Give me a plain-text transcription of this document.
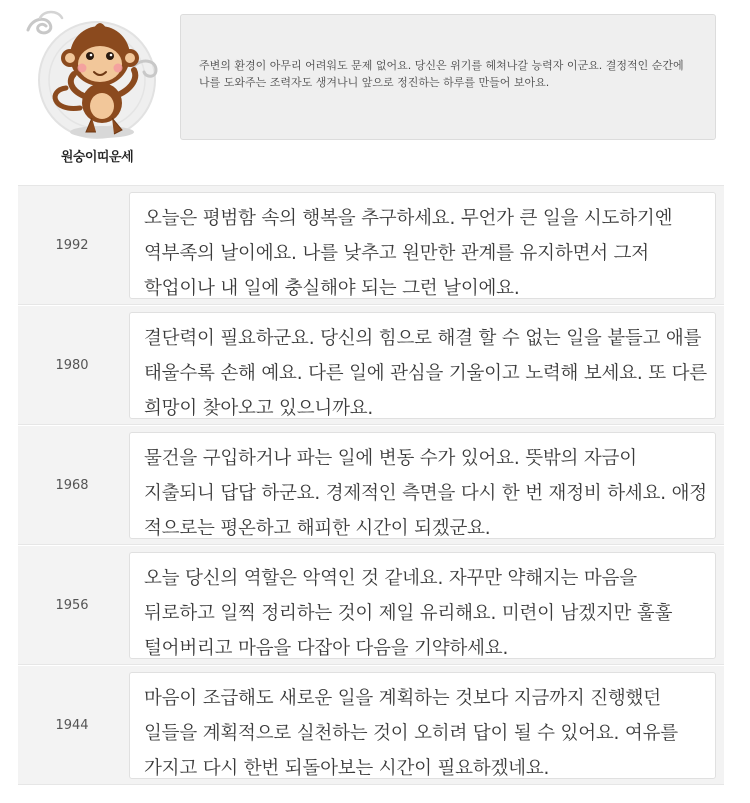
원숭이띠운세
주변의 환경이 아무리 어려워도 문제 없어요. 당신은 위기를 헤쳐나갈 능력자 이군요. 결정적인 순간에 나를 도와주는 조력자도 생겨나니 앞으로 정진하는 하루를 만들어 보아요.
1992
오늘은 평범함 속의 행복을 추구하세요. 무언가 큰 일을 시도하기엔 역부족의 날이에요. 나를 낮추고 원만한 관계를 유지하면서 그저 학업이나 내 일에 충실해야 되는 그런 날이에요.
1980
결단력이 필요하군요. 당신의 힘으로 해결 할 수 없는 일을 붙들고 애를 태울수록 손해 예요. 다른 일에 관심을 기울이고 노력해 보세요. 또 다른 희망이 찾아오고 있으니까요.
1968
물건을 구입하거나 파는 일에 변동 수가 있어요. 뜻밖의 자금이 지출되니 답답 하군요. 경제적인 측면을 다시 한 번 재정비 하세요. 애정 적으로는 평온하고 해피한 시간이 되겠군요.
1956
오늘 당신의 역할은 악역인 것 같네요. 자꾸만 약해지는 마음을 뒤로하고 일찍 정리하는 것이 제일 유리해요. 미련이 남겠지만 훌훌 털어버리고 마음을 다잡아 다음을 기약하세요.
1944
마음이 조급해도 새로운 일을 계획하는 것보다 지금까지 진행했던 일들을 계획적으로 실천하는 것이 오히려 답이 될 수 있어요. 여유를 가지고 다시 한번 되돌아보는 시간이 필요하겠네요.
